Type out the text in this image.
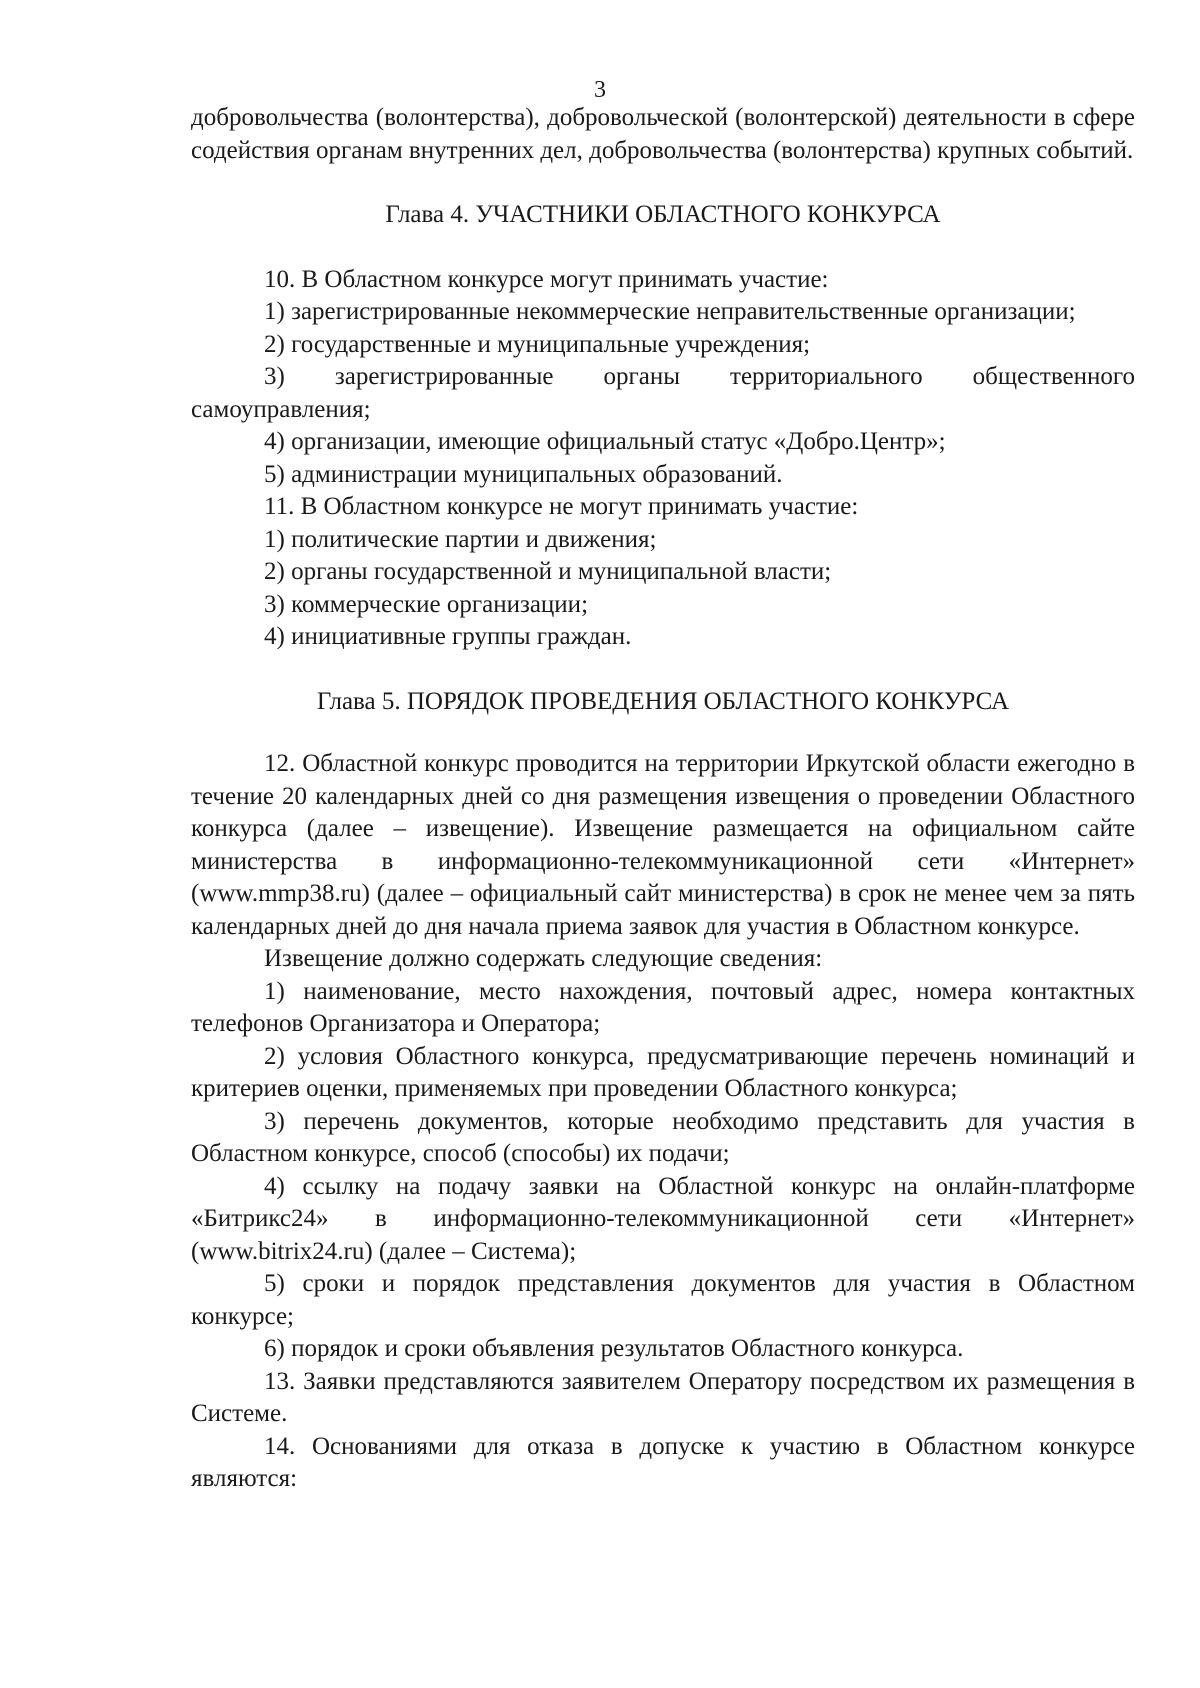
3

добровольчества (волонтерства), добровольческой (волонтерской) деятельности в сфере содействия органам внутренних дел, добровольчества (волонтерства) крупных событий.

Глава 4. УЧАСТНИКИ ОБЛАСТНОГО КОНКУРСА

10. В Областном конкурсе могут принимать участие:

1) зарегистрированные некоммерческие неправительственные организации;

2) государственные и муниципальные учреждения;

3) зарегистрированные органы территориального общественного самоуправления;

4) организации, имеющие официальный статус «Добро.Центр»;

5) администрации муниципальных образований.

11. В Областном конкурсе не могут принимать участие:

1) политические партии и движения;

2) органы государственной и муниципальной власти;

3) коммерческие организации;

4) инициативные группы граждан.

Глава 5. ПОРЯДОК ПРОВЕДЕНИЯ ОБЛАСТНОГО КОНКУРСА

12. Областной конкурс проводится на территории Иркутской области ежегодно в течение 20 календарных дней со дня размещения извещения о проведении Областного конкурса (далее – извещение). Извещение размещается на официальном сайте министерства в информационно-телекоммуникационной сети «Интернет» (www.mmp38.ru) (далее – официальный сайт министерства) в срок не менее чем за пять календарных дней до дня начала приема заявок для участия в Областном конкурсе.

Извещение должно содержать следующие сведения:

1) наименование, место нахождения, почтовый адрес, номера контактных телефонов Организатора и Оператора;

2) условия Областного конкурса, предусматривающие перечень номинаций и критериев оценки, применяемых при проведении Областного конкурса;

3) перечень документов, которые необходимо представить для участия в Областном конкурсе, способ (способы) их подачи;

4) ссылку на подачу заявки на Областной конкурс на онлайн-платформе «Битрикс24» в информационно-телекоммуникационной сети «Интернет» (www.bitrix24.ru) (далее – Система);

5) сроки и порядок представления документов для участия в Областном конкурсе;

6) порядок и сроки объявления результатов Областного конкурса.

13. Заявки представляются заявителем Оператору посредством их размещения в Системе.

14. Основаниями для отказа в допуске к участию в Областном конкурсе являются:
